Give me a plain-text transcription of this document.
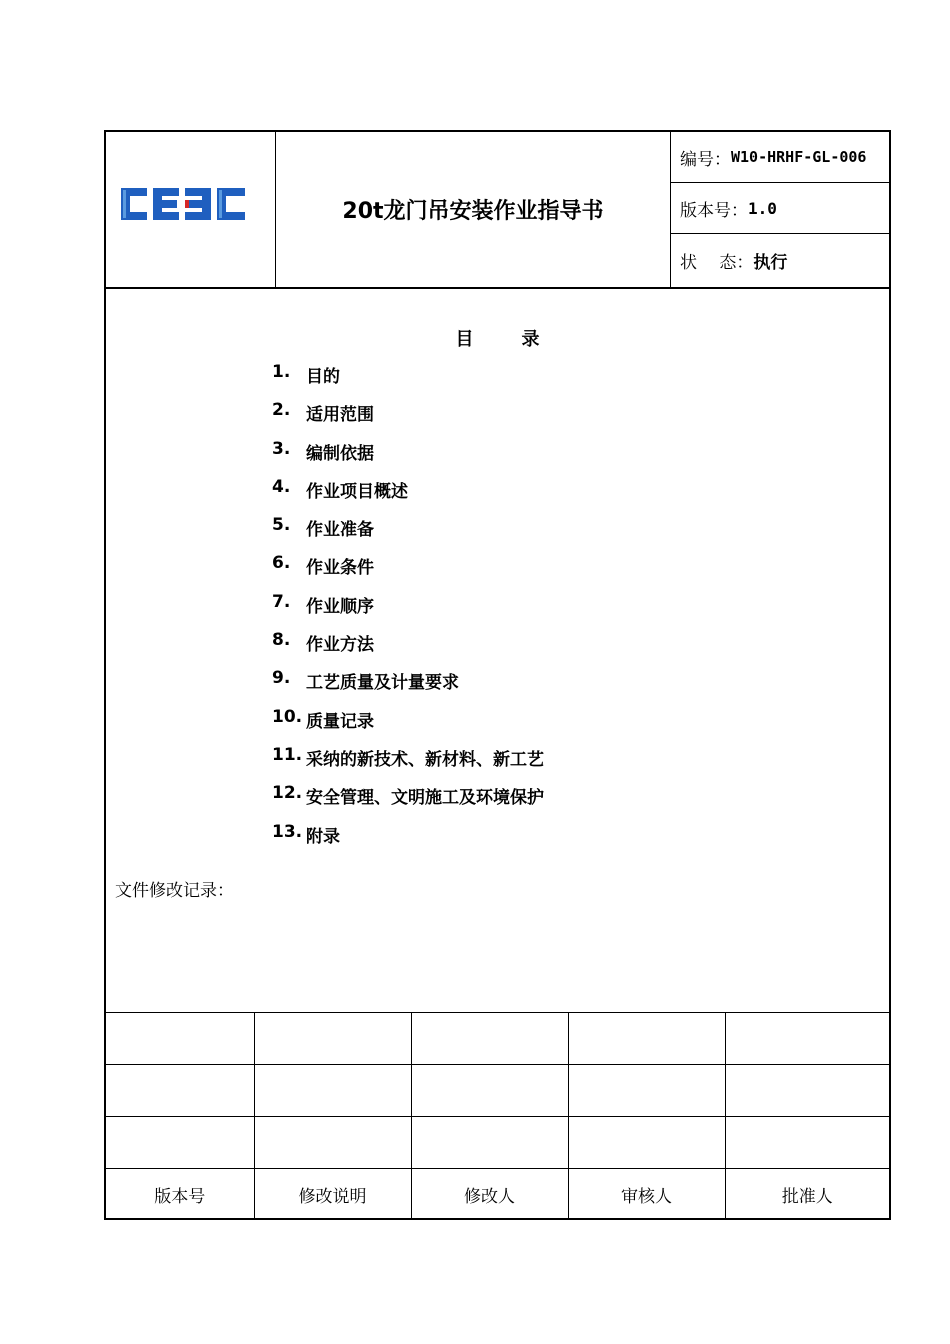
20t龙门吊安装作业指导书
编号： W10-HRHF-GL-006
版本号： 1.0
状　 态： 执行
目录
1. 目的
2. 适用范围
3. 编制依据
4. 作业项目概述
5. 作业准备
6. 作业条件
7. 作业顺序
8. 作业方法
9. 工艺质量及计量要求
10. 质量记录
11. 采纳的新技术、新材料、新工艺
12. 安全管理、文明施工及环境保护
13. 附录
文件修改记录：

版本号	修改说明	修改人	审核人	批准人
